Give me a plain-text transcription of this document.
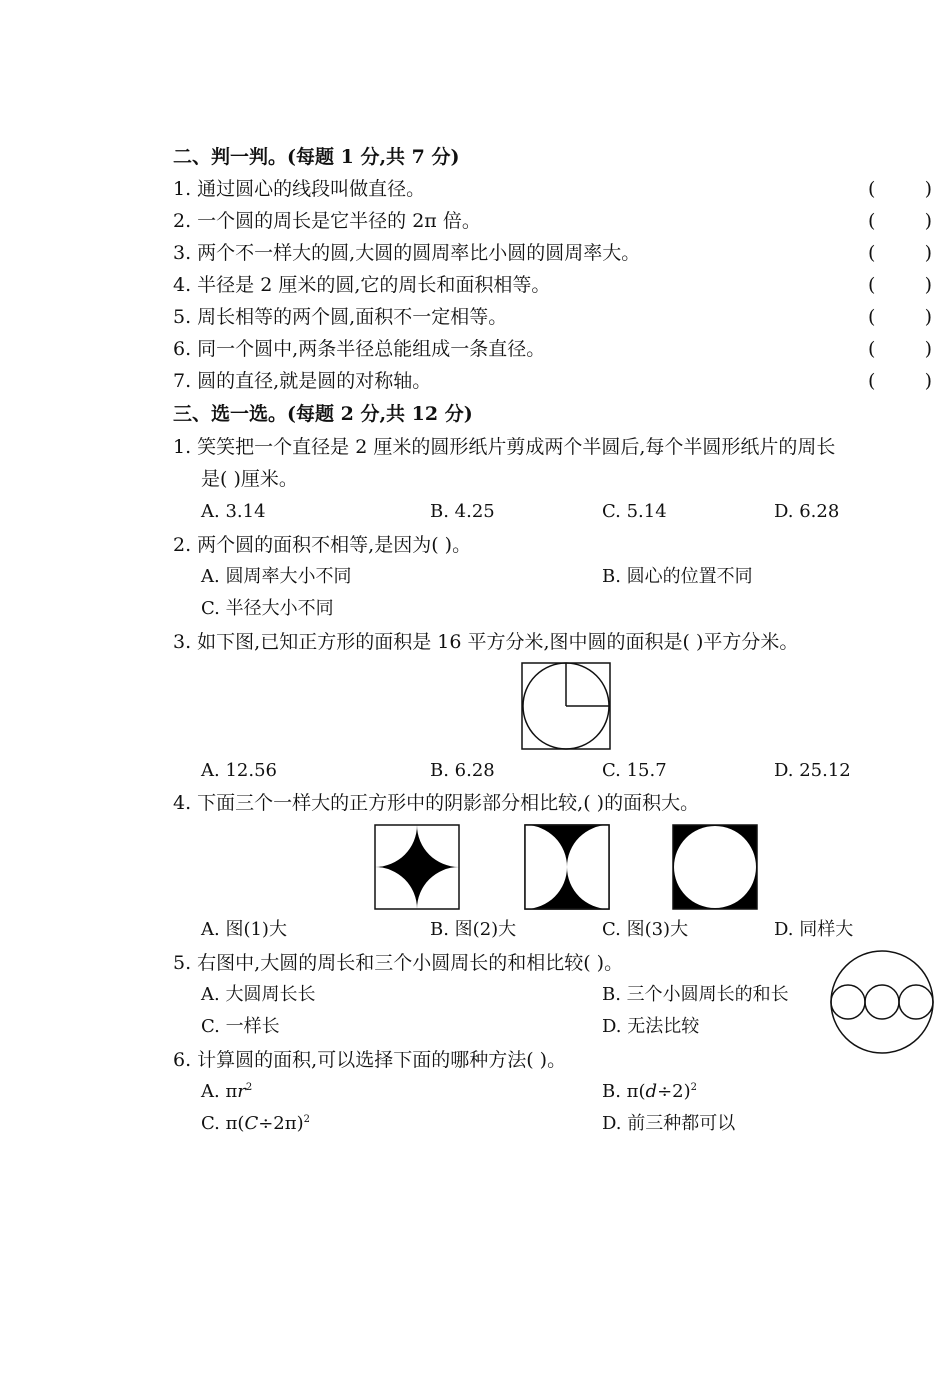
二、判一判。(每题 1 分,共 7 分)
1. 通过圆心的线段叫做直径。	(	)
2. 一个圆的周长是它半径的 2π 倍。	(	)
3. 两个不一样大的圆,大圆的圆周率比小圆的圆周率大。	(	)
4. 半径是 2 厘米的圆,它的周长和面积相等。	(	)
5. 周长相等的两个圆,面积不一定相等。	(	)
6. 同一个圆中,两条半径总能组成一条直径。	(	)
7. 圆的直径,就是圆的对称轴。	(	)
三、选一选。(每题 2 分,共 12 分)
1. 笑笑把一个直径是 2 厘米的圆形纸片剪成两个半圆后,每个半圆形纸片的周长
是( )厘米。
A. 3.14	B. 4.25	C. 5.14	D. 6.28
2. 两个圆的面积不相等,是因为( )。
A. 圆周率大小不同	B. 圆心的位置不同
C. 半径大小不同
3. 如下图,已知正方形的面积是 16 平方分米,图中圆的面积是( )平方分米。
A. 12.56	B. 6.28	C. 15.7	D. 25.12
4. 下面三个一样大的正方形中的阴影部分相比较,( )的面积大。
A. 图(1)大	B. 图(2)大	C. 图(3)大	D. 同样大
5. 右图中,大圆的周长和三个小圆周长的和相比较( )。
A. 大圆周长长	B. 三个小圆周长的和长
C. 一样长	D. 无法比较
6. 计算圆的面积,可以选择下面的哪种方法( )。
A. $\pi r^2$	B. $\pi(d\div 2)^2$
C. $\pi(C\div 2\pi)^2$	D. 前三种都可以
